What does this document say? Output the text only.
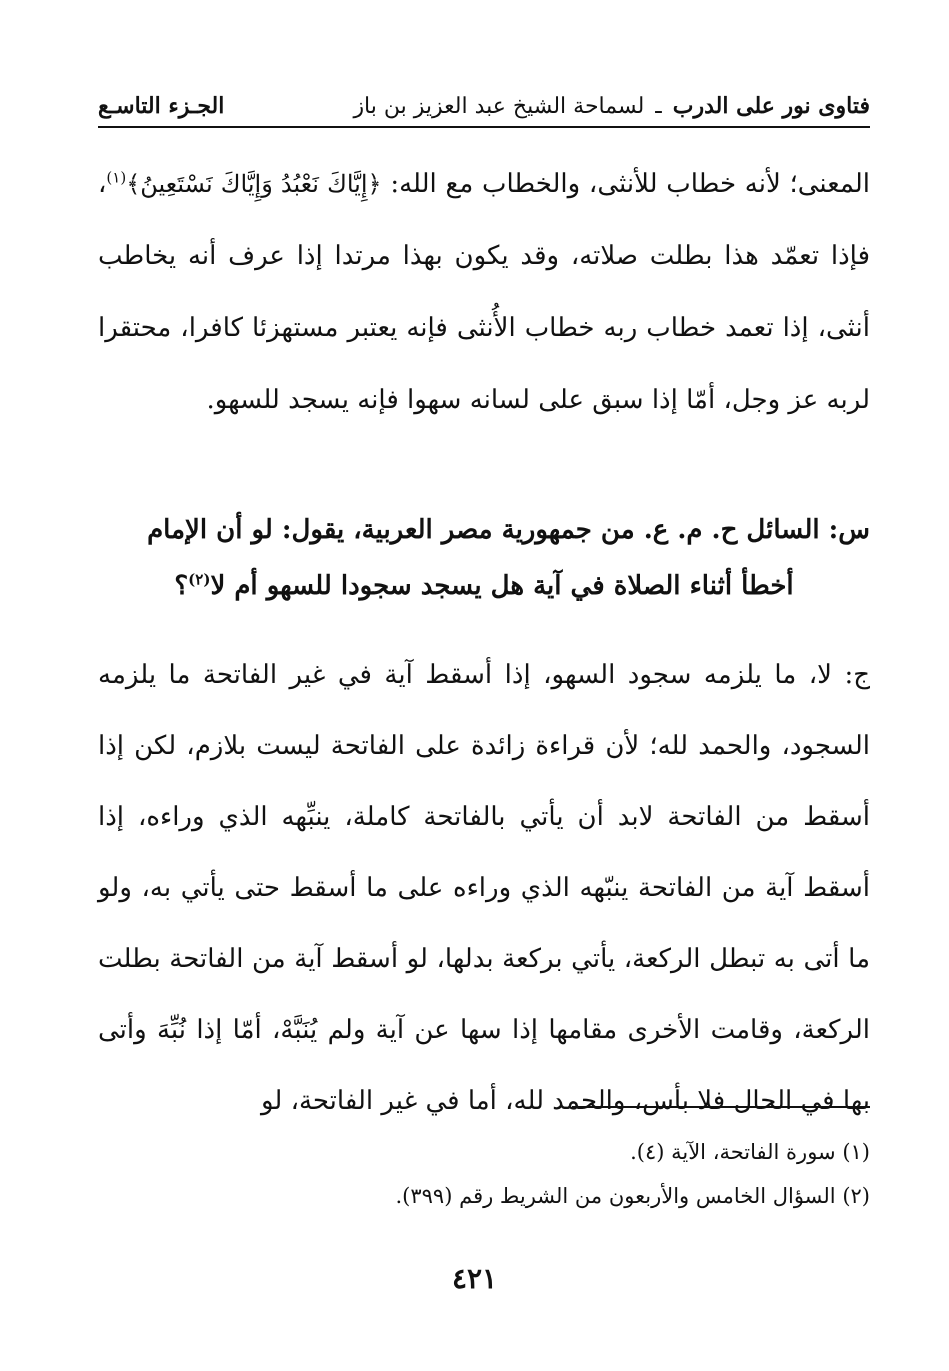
فتاوى نور على الدرب ـ لسماحة الشيخ عبد العزيز بن باز
الجـزء التاسـع
المعنى؛ لأنه خطاب للأنثى، والخطاب مع الله: ﴿إِيَّاكَ نَعْبُدُ وَإِيَّاكَ نَسْتَعِينُ﴾$^{(١)}$، فإذا تعمّد هذا بطلت صلاته، وقد يكون بهذا مرتدا إذا عرف أنه يخاطب أنثى، إذا تعمد خطاب ربه خطاب الأُنثى فإنه يعتبر مستهزئا كافرا، محتقرا لربه عز وجل، أمّا إذا سبق على لسانه سهوا فإنه يسجد للسهو.
س: السائل ح. م. ع. من جمهورية مصر العربية، يقول: لو أن الإمام
أخطأ أثناء الصلاة في آية هل يسجد سجودا للسهو أم لا$^{(٢)}$؟
ج: لا، ما يلزمه سجود السهو، إذا أسقط آية في غير الفاتحة ما يلزمه السجود، والحمد لله؛ لأن قراءة زائدة على الفاتحة ليست بلازم، لكن إذا أسقط من الفاتحة لابد أن يأتي بالفاتحة كاملة، ينبِّهه الذي وراءه، إذا أسقط آية من الفاتحة ينبّهه الذي وراءه على ما أسقط حتى يأتي به، ولو ما أتى به تبطل الركعة، يأتي بركعة بدلها، لو أسقط آية من الفاتحة بطلت الركعة، وقامت الأخرى مقامها إذا سها عن آية ولم يُنَبَّهْ، أمّا إذا نُبِّهَ وأتى بها في الحال فلا بأس، والحمد لله، أما في غير الفاتحة، لو
(١) سورة الفاتحة، الآية (٤).
(٢) السؤال الخامس والأربعون من الشريط رقم (٣٩٩).
٤٢١
